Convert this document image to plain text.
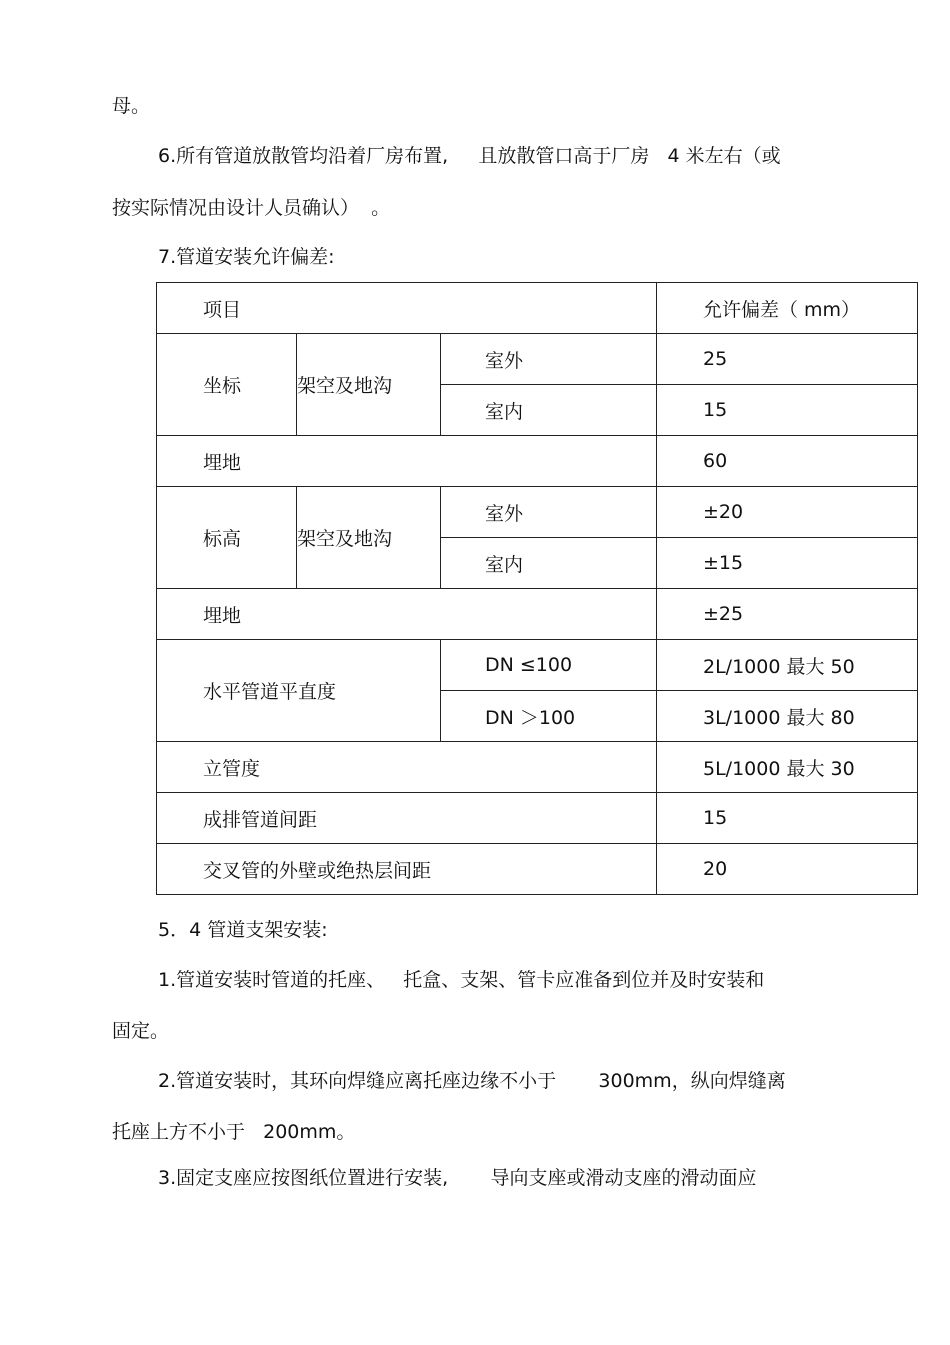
母。
6.所有管道放散管均沿着厂房布置,     且放散管口高于厂房   4 米左右（或
按实际情况由设计人员确认）  。
7.管道安装允许偏差:
项目			允许偏差（ mm）
坐标	架空及地沟	室外	25
		室内	15
埋地			60
标高	架空及地沟	室外	±20
		室内	±15
埋地			±25
水平管道平直度		DN ≤100	2L/1000 最大 50
		DN ＞100	3L/1000 最大 80
立管度			5L/1000 最大 30
成排管道间距			15
交叉管的外壁或绝热层间距			20
5．4 管道支架安装:
1.管道安装时管道的托座、   托盒、支架、管卡应准备到位并及时安装和
固定。
2.管道安装时，其环向焊缝应离托座边缘不小于       300mm，纵向焊缝离
托座上方不小于   200mm。
3.固定支座应按图纸位置进行安装,       导向支座或滑动支座的滑动面应
